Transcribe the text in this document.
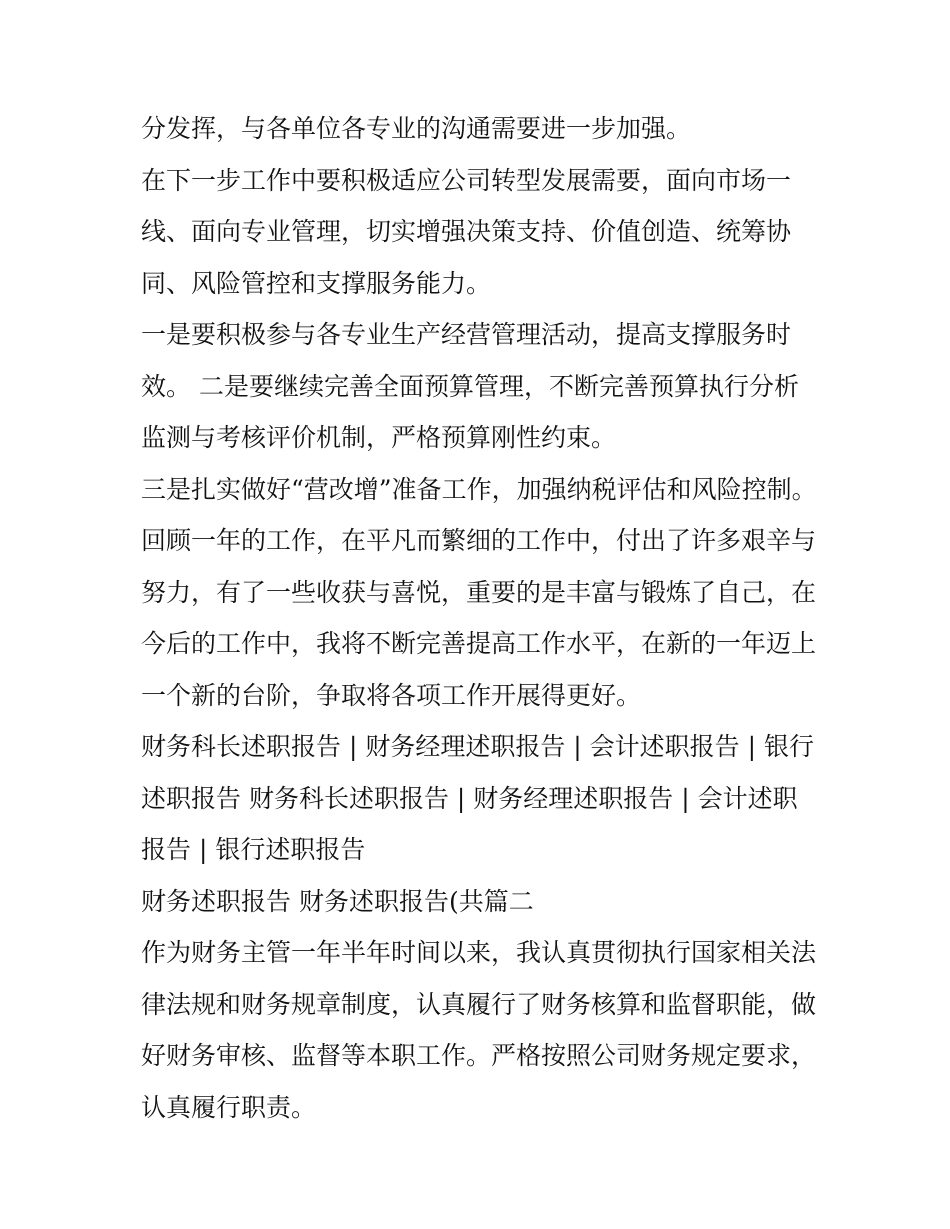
分发挥，与各单位各专业的沟通需要进一步加强。

在下一步工作中要积极适应公司转型发展需要，面向市场一线、面向专业管理，切实增强决策支持、价值创造、统筹协同、风险管控和支撑服务能力。

一是要积极参与各专业生产经营管理活动，提高支撑服务时效。 二是要继续完善全面预算管理，不断完善预算执行分析监测与考核评价机制，严格预算刚性约束。

三是扎实做好“营改增”准备工作，加强纳税评估和风险控制。

回顾一年的工作，在平凡而繁细的工作中，付出了许多艰辛与努力，有了一些收获与喜悦，重要的是丰富与锻炼了自己，在今后的工作中，我将不断完善提高工作水平，在新的一年迈上一个新的台阶，争取将各项工作开展得更好。

财务科长述职报告 | 财务经理述职报告 | 会计述职报告 | 银行述职报告 财务科长述职报告 | 财务经理述职报告 | 会计述职报告 | 银行述职报告

财务述职报告 财务述职报告(共篇二

作为财务主管一年半年时间以来，我认真贯彻执行国家相关法律法规和财务规章制度，认真履行了财务核算和监督职能，做好财务审核、监督等本职工作。严格按照公司财务规定要求，认真履行职责。
